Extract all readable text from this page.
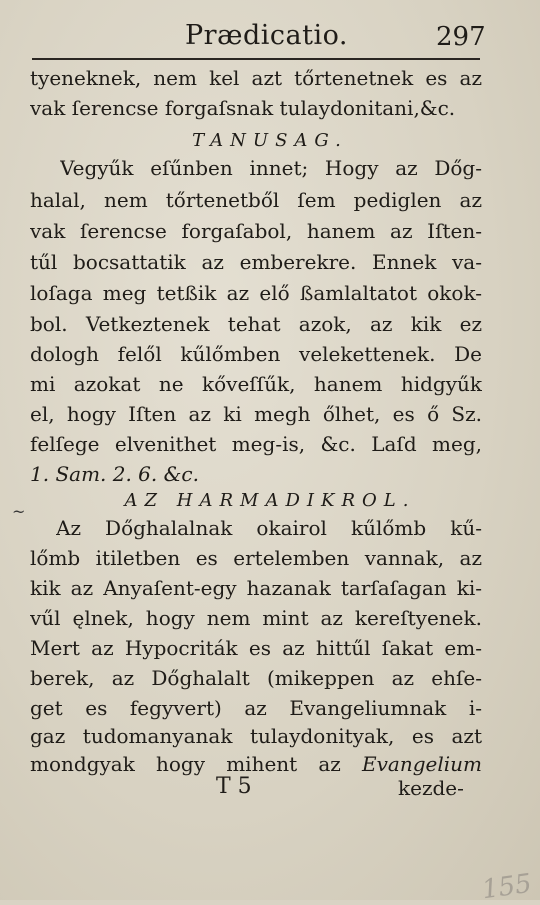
Prædicatio.	297
tyeneknek, nem kel azt tőrtenetnek es az
vak ſerencse forgaſsnak tulaydonitani,&c.
TANUSAG.
Vegyűk eſűnben innet; Hogy az Dőg-
halal, nem tőrtenetből ſem pediglen az
vak ſerencse forgaſabol, hanem az Iſten-
tűl bocsattatik az emberekre. Ennek va-
loſaga meg tetßik az elő ßamlaltatot okok-
bol. Vetkeztenek tehat azok, az kik ez
dologh felől kűlőmben velekettenek. De
mi azokat ne kőveſſűk, hanem hidgyűk
el, hogy Iſten az ki megh őlhet, es ő Sz.
felſege elvenithet meg-is, &c. Laſd meg,
1. Sam. 2. 6. &c.
AZ HARMADIKROL.
~
Az Dőghalalnak okairol kűlőmb kű-
lőmb itiletben es ertelemben vannak, az
kik az Anyaſent-egy hazanak tarſaſagan ki-
vűl ęlnek, hogy nem mint az kereſtyenek.
Mert az Hypocriták es az hittűl ſakat em-
berek, az Dőghalalt (mikeppen az ehſe-
get es fegyvert) az Evangeliumnak i-
gaz tudomanyanak tulaydonityak, es azt
mondgyak hogy mihent az Evangelium
T 5	kezde-
155
